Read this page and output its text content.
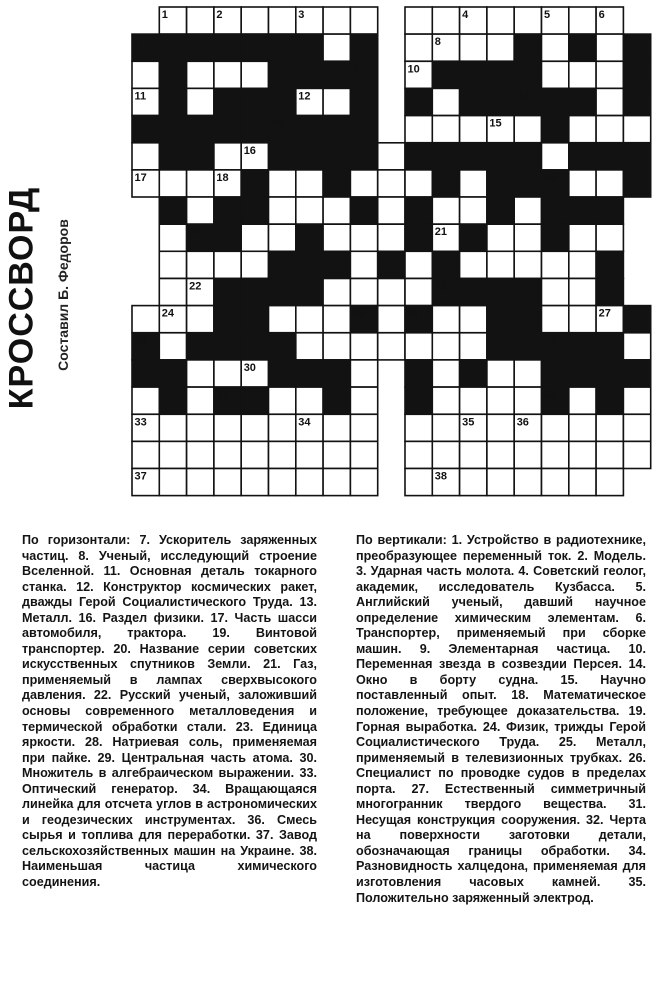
КРОССВОРД Составил Б. Федоров
1	2	3	4	5	6
7	8
9	10
11	12	13
14	15
16
17	18	19
20	21
22	23
24	25	26	27
28	29
30
31	32
33	34	35	36
37	38
По горизонтали: 7. Ускоритель заряженных частиц. 8. Ученый, исследующий строение Вселенной. 11. Основная деталь токарного станка. 12. Конструктор космических ракет, дважды Герой Социалистического Труда. 13. Металл. 16. Раздел физики. 17. Часть шасси автомобиля, трактора. 19. Винтовой транспортер. 20. Название серии советских искусственных спутников Земли. 21. Газ, применяемый в лампах сверхвысокого давления. 22. Русский ученый, заложивший основы современного металловедения и термической обработки стали. 23. Единица яркости. 28. Натриевая соль, применяемая при пайке. 29. Центральная часть атома. 30. Множитель в алгебраическом выражении. 33. Оптический генератор. 34. Вращающаяся линейка для отсчета углов в астрономических и геодезических инструментах. 36. Смесь сырья и топлива для переработки. 37. Завод сельскохозяйственных машин на Украине. 38. Наименьшая частица химического соединения.
По вертикали: 1. Устройство в радиотехнике, преобразующее переменный ток. 2. Модель. 3. Ударная часть молота. 4. Советский геолог, академик, исследователь Кузбасса. 5. Английский ученый, давший научное определение химическим элементам. 6. Транспортер, применяемый при сборке машин. 9. Элементарная частица. 10. Переменная звезда в созвездии Персея. 14. Окно в борту судна. 15. Научно поставленный опыт. 18. Математическое положение, требующее доказательства. 19. Горная выработка. 24. Физик, трижды Герой Социалистического Труда. 25. Металл, применяемый в телевизионных трубках. 26. Специалист по проводке судов в пределах порта. 27. Естественный симметричный многогранник твердого вещества. 31. Несущая конструкция сооружения. 32. Черта на поверхности заготовки детали, обозначающая границы обработки. 34. Разновидность халцедона, применяемая для изготовления часовых камней. 35. Положительно заряженный электрод.
